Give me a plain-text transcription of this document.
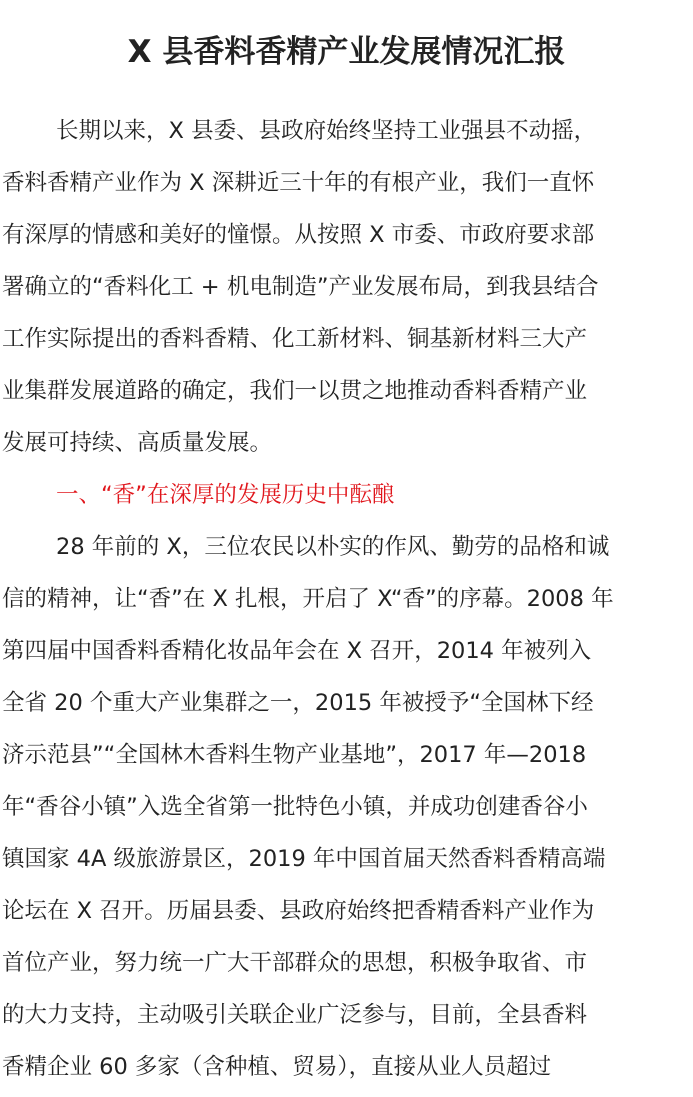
X 县香料香精产业发展情况汇报
长期以来，X 县委、县政府始终坚持工业强县不动摇，
香料香精产业作为 X 深耕近三十年的有根产业，我们一直怀
有深厚的情感和美好的憧憬。从按照 X 市委、市政府要求部
署确立的“香料化工 + 机电制造”产业发展布局，到我县结合
工作实际提出的香料香精、化工新材料、铜基新材料三大产
业集群发展道路的确定，我们一以贯之地推动香料香精产业
发展可持续、高质量发展。
一、“香”在深厚的发展历史中酝酿
28 年前的 X，三位农民以朴实的作风、勤劳的品格和诚
信的精神，让“香”在 X 扎根，开启了 X“香”的序幕。2008 年
第四届中国香料香精化妆品年会在 X 召开，2014 年被列入
全省 20 个重大产业集群之一，2015 年被授予“全国林下经
济示范县”“全国林木香料生物产业基地”，2017 年—2018
年“香谷小镇”入选全省第一批特色小镇，并成功创建香谷小
镇国家 4A 级旅游景区，2019 年中国首届天然香料香精高端
论坛在 X 召开。历届县委、县政府始终把香精香料产业作为
首位产业，努力统一广大干部群众的思想，积极争取省、市
的大力支持，主动吸引关联企业广泛参与，目前，全县香料
香精企业 60 多家（含种植、贸易），直接从业人员超过
